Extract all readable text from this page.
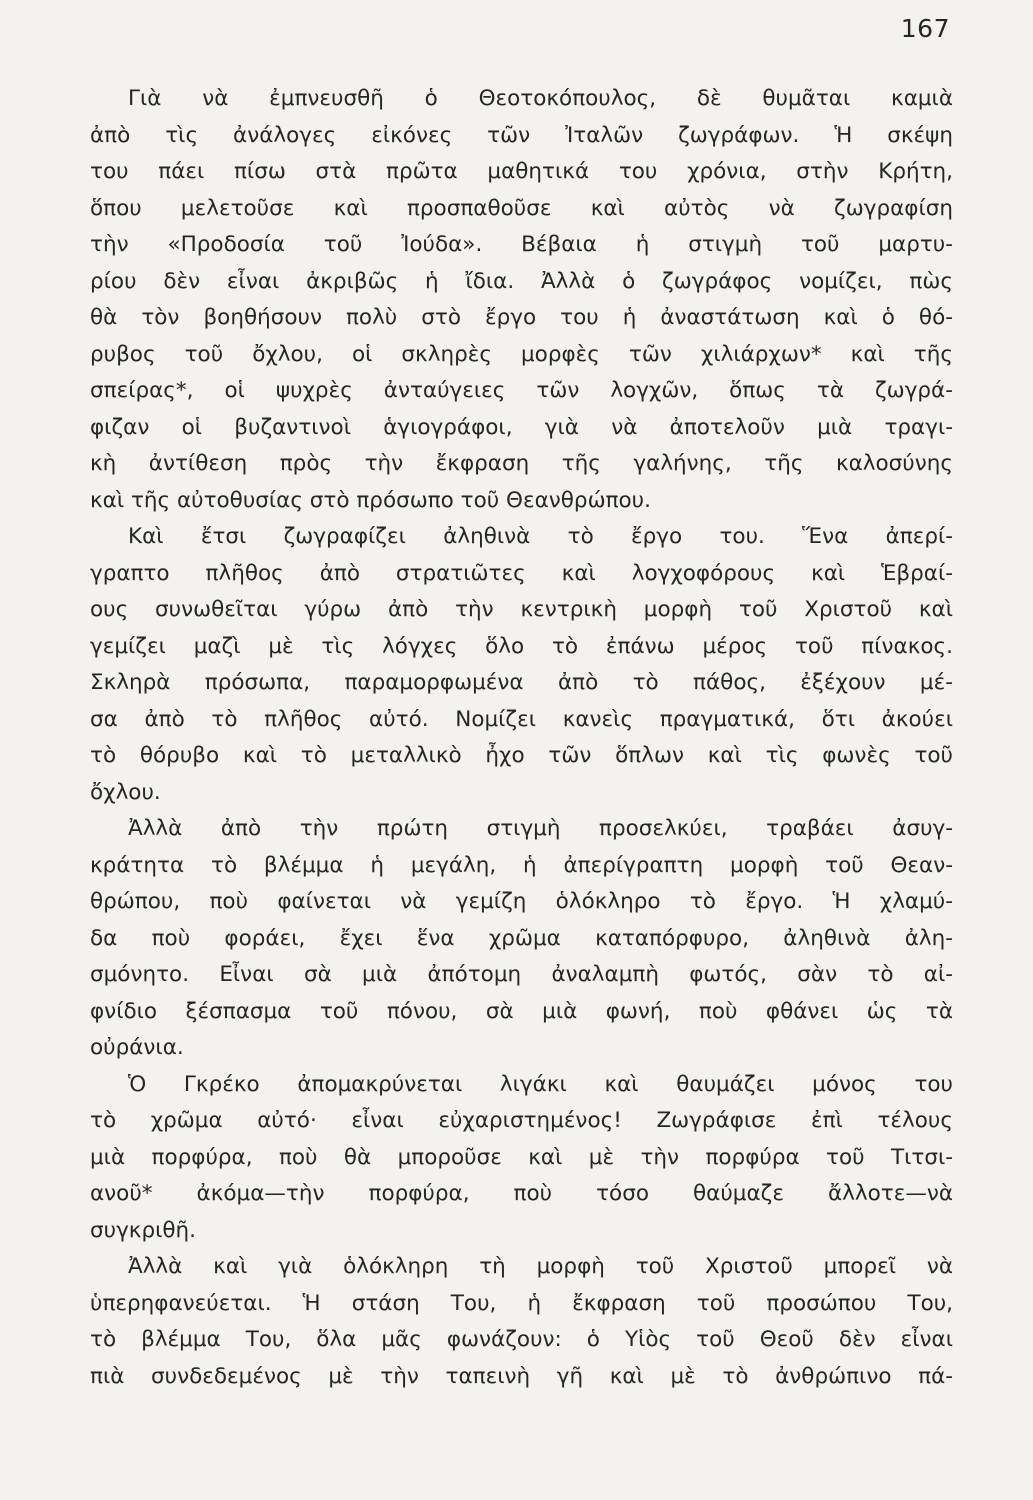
167
Γιὰ νὰ ἐμπνευσθῆ ὁ Θεοτοκόπουλος, δὲ θυμᾶται καμιὰ
ἀπὸ τὶς ἀνάλογες εἰκόνες τῶν Ἰταλῶν ζωγράφων. Ἡ σκέψη
του πάει πίσω στὰ πρῶτα μαθητικά του χρόνια, στὴν Κρήτη,
ὅπου μελετοῦσε καὶ προσπαθοῦσε καὶ αὐτὸς νὰ ζωγραφίση
τὴν «Προδοσία τοῦ Ἰούδα». Βέβαια ἡ στιγμὴ τοῦ μαρτυ-
ρίου δὲν εἶναι ἀκριβῶς ἡ ἴδια. Ἀλλὰ ὁ ζωγράφος νομίζει, πὼς
θὰ τὸν βοηθήσουν πολὺ στὸ ἔργο του ἡ ἀναστάτωση καὶ ὁ θό-
ρυβος τοῦ ὄχλου, οἱ σκληρὲς μορφὲς τῶν χιλιάρχων* καὶ τῆς
σπείρας*, οἱ ψυχρὲς ἀνταύγειες τῶν λογχῶν, ὅπως τὰ ζωγρά-
φιζαν οἱ βυζαντινοὶ ἁγιογράφοι, γιὰ νὰ ἀποτελοῦν μιὰ τραγι-
κὴ ἀντίθεση πρὸς τὴν ἔκφραση τῆς γαλήνης, τῆς καλοσύνης
καὶ τῆς αὐτοθυσίας στὸ πρόσωπο τοῦ Θεανθρώπου.
Καὶ ἔτσι ζωγραφίζει ἀληθινὰ τὸ ἔργο του. Ἕνα ἀπερί-
γραπτο πλῆθος ἀπὸ στρατιῶτες καὶ λογχοφόρους καὶ Ἑβραί-
ους συνωθεῖται γύρω ἀπὸ τὴν κεντρικὴ μορφὴ τοῦ Χριστοῦ καὶ
γεμίζει μαζὶ μὲ τὶς λόγχες ὅλο τὸ ἐπάνω μέρος τοῦ πίνακος.
Σκληρὰ πρόσωπα, παραμορφωμένα ἀπὸ τὸ πάθος, ἐξέχουν μέ-
σα ἀπὸ τὸ πλῆθος αὐτό. Νομίζει κανεὶς πραγματικά, ὅτι ἀκούει
τὸ θόρυβο καὶ τὸ μεταλλικὸ ἦχο τῶν ὅπλων καὶ τὶς φωνὲς τοῦ
ὄχλου.
Ἀλλὰ ἀπὸ τὴν πρώτη στιγμὴ προσελκύει, τραβάει ἀσυγ-
κράτητα τὸ βλέμμα ἡ μεγάλη, ἡ ἀπερίγραπτη μορφὴ τοῦ Θεαν-
θρώπου, ποὺ φαίνεται νὰ γεμίζη ὁλόκληρο τὸ ἔργο. Ἡ χλαμύ-
δα ποὺ φοράει, ἔχει ἕνα χρῶμα καταπόρφυρο, ἀληθινὰ ἀλη-
σμόνητο. Εἶναι σὰ μιὰ ἀπότομη ἀναλαμπὴ φωτός, σὰν τὸ αἰ-
φνίδιο ξέσπασμα τοῦ πόνου, σὰ μιὰ φωνή, ποὺ φθάνει ὡς τὰ
οὐράνια.
Ὁ Γκρέκο ἀπομακρύνεται λιγάκι καὶ θαυμάζει μόνος του
τὸ χρῶμα αὐτό· εἶναι εὐχαριστημένος! Ζωγράφισε ἐπὶ τέλους
μιὰ πορφύρα, ποὺ θὰ μποροῦσε καὶ μὲ τὴν πορφύρα τοῦ Τιτσι-
ανοῦ* ἀκόμα—τὴν πορφύρα, ποὺ τόσο θαύμαζε ἄλλοτε—νὰ
συγκριθῆ.
Ἀλλὰ καὶ γιὰ ὁλόκληρη τὴ μορφὴ τοῦ Χριστοῦ μπορεῖ νὰ
ὑπερηφανεύεται. Ἡ στάση Του, ἡ ἔκφραση τοῦ προσώπου Του,
τὸ βλέμμα Του, ὅλα μᾶς φωνάζουν: ὁ Υἱὸς τοῦ Θεοῦ δὲν εἶναι
πιὰ συνδεδεμένος μὲ τὴν ταπεινὴ γῆ καὶ μὲ τὸ ἀνθρώπινο πά-
